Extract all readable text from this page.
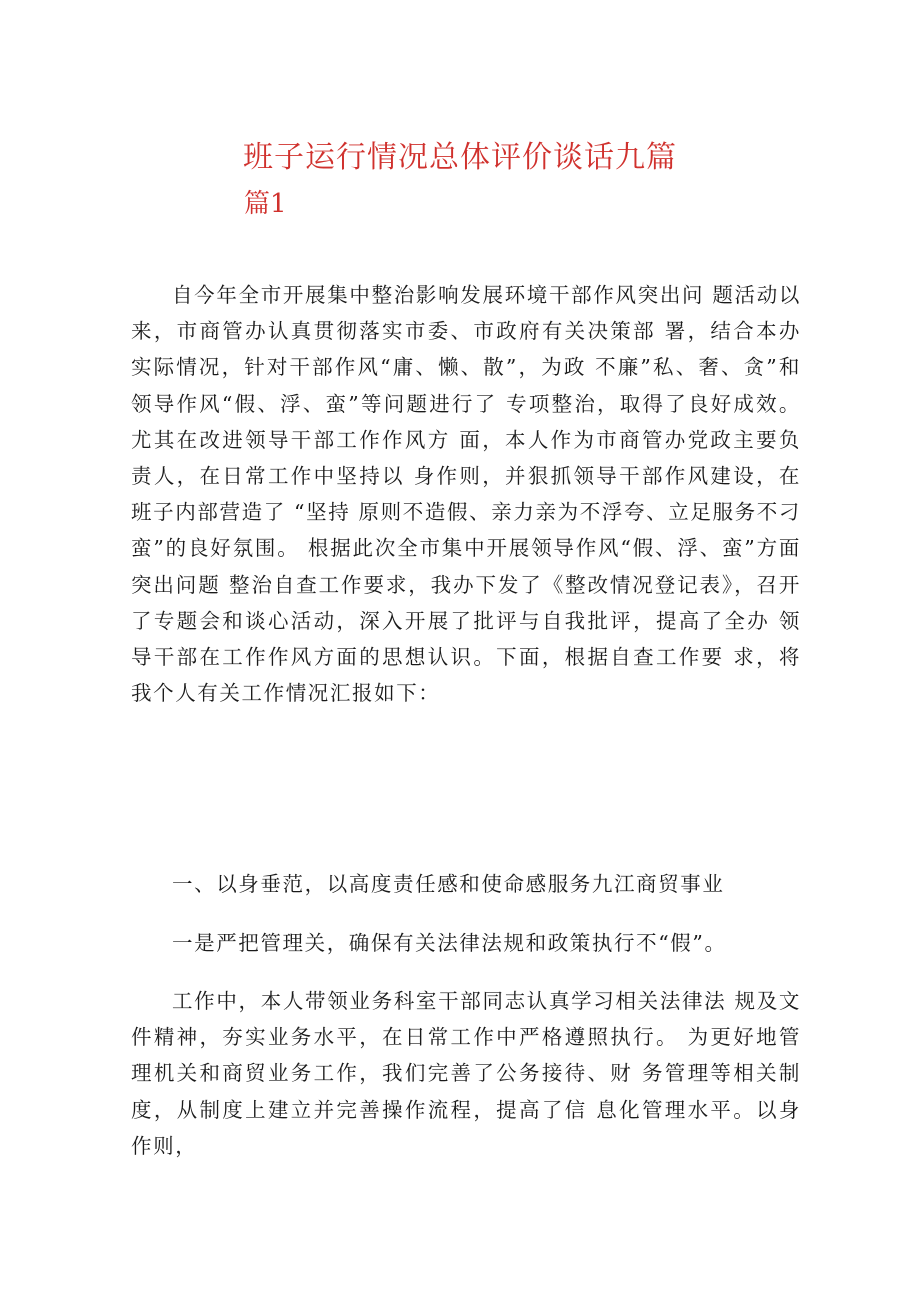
班子运行情况总体评价谈话九篇
篇1

自今年全市开展集中整治影响发展环境干部作风突出问 题活动以来，市商管办认真贯彻落实市委、市政府有关决策部 署，结合本办实际情况，针对干部作风“庸、懒、散”，为政 不廉”私、奢、贪”和领导作风“假、浮、蛮”等问题进行了 专项整治，取得了良好成效。尤其在改进领导干部工作作风方 面，本人作为市商管办党政主要负责人，在日常工作中坚持以 身作则，并狠抓领导干部作风建设，在班子内部营造了 “坚持 原则不造假、亲力亲为不浮夸、立足服务不刁蛮”的良好氛围。 根据此次全市集中开展领导作风“假、浮、蛮”方面突出问题 整治自查工作要求，我办下发了《整改情况登记表》，召开了专题会和谈心活动，深入开展了批评与自我批评，提高了全办 领导干部在工作作风方面的思想认识。下面，根据自查工作要 求，将我个人有关工作情况汇报如下：

一、以身垂范，以高度责任感和使命感服务九江商贸事业

一是严把管理关，确保有关法律法规和政策执行不“假”。

工作中，本人带领业务科室干部同志认真学习相关法律法 规及文件精神，夯实业务水平，在日常工作中严格遵照执行。 为更好地管理机关和商贸业务工作，我们完善了公务接待、财 务管理等相关制度，从制度上建立并完善操作流程，提高了信 息化管理水平。以身作则，
